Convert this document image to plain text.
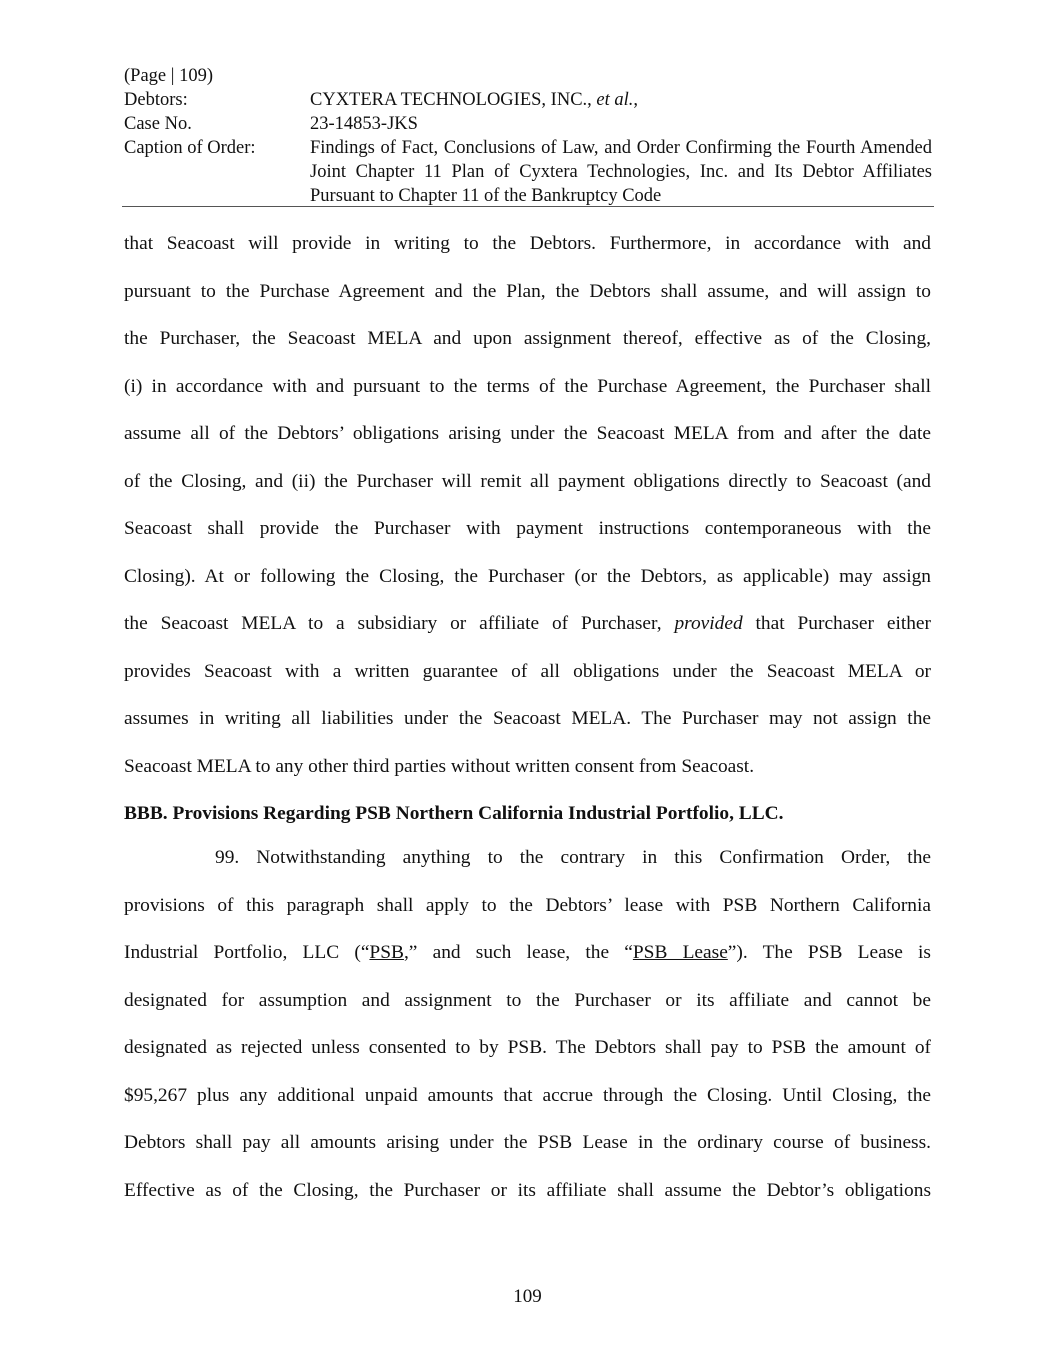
(Page | 109)
Debtors:	CYXTERA TECHNOLOGIES, INC., et al.,
Case No.	23-14853-JKS
Caption of Order:	Findings of Fact, Conclusions of Law, and Order Confirming the Fourth Amended Joint Chapter 11 Plan of Cyxtera Technologies, Inc. and Its Debtor Affiliates Pursuant to Chapter 11 of the Bankruptcy Code
that Seacoast will provide in writing to the Debtors. Furthermore, in accordance with and
pursuant to the Purchase Agreement and the Plan, the Debtors shall assume, and will assign to
the Purchaser, the Seacoast MELA and upon assignment thereof, effective as of the Closing,
(i) in accordance with and pursuant to the terms of the Purchase Agreement, the Purchaser shall
assume all of the Debtors’ obligations arising under the Seacoast MELA from and after the date
of the Closing, and (ii) the Purchaser will remit all payment obligations directly to Seacoast (and
Seacoast shall provide the Purchaser with payment instructions contemporaneous with the
Closing). At or following the Closing, the Purchaser (or the Debtors, as applicable) may assign
the Seacoast MELA to a subsidiary or affiliate of Purchaser, provided that Purchaser either
provides Seacoast with a written guarantee of all obligations under the Seacoast MELA or
assumes in writing all liabilities under the Seacoast MELA. The Purchaser may not assign the
Seacoast MELA to any other third parties without written consent from Seacoast.
BBB. Provisions Regarding PSB Northern California Industrial Portfolio, LLC.
99. Notwithstanding anything to the contrary in this Confirmation Order, the
provisions of this paragraph shall apply to the Debtors’ lease with PSB Northern California
Industrial Portfolio, LLC (“PSB,” and such lease, the “PSB Lease”). The PSB Lease is
designated for assumption and assignment to the Purchaser or its affiliate and cannot be
designated as rejected unless consented to by PSB. The Debtors shall pay to PSB the amount of
$95,267 plus any additional unpaid amounts that accrue through the Closing. Until Closing, the
Debtors shall pay all amounts arising under the PSB Lease in the ordinary course of business.
Effective as of the Closing, the Purchaser or its affiliate shall assume the Debtor’s obligations
109
